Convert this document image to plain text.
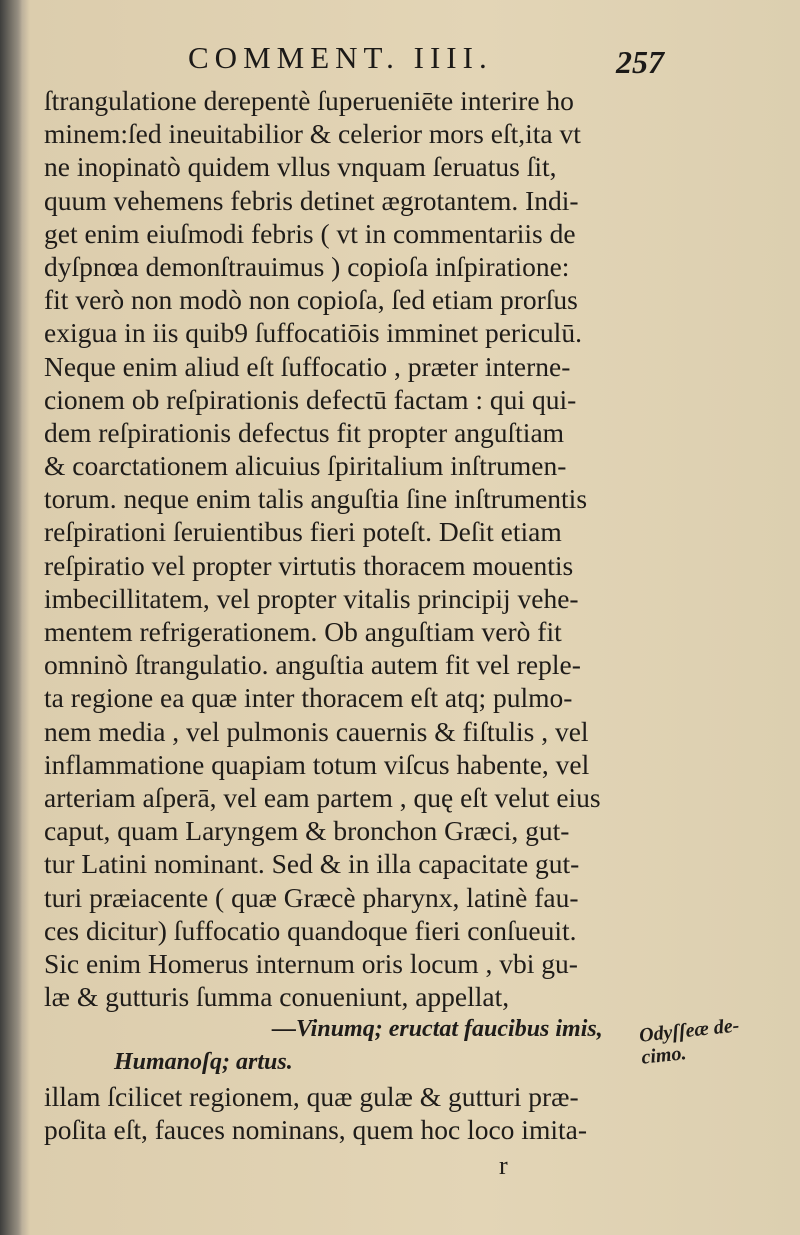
COMMENT. IIII.	257
ſtrangulatione derepentè ſuperueniēte interire ho
minem:ſed ineuitabilior & celerior mors eſt,ita vt
ne inopinatò quidem vllus vnquam ſeruatus ſit,
quum vehemens febris detinet ægrotantem. Indi-
get enim eiuſmodi febris ( vt in commentariis de
dyſpnœa demonſtrauimus ) copioſa inſpiratione:
fit verò non modò non copioſa, ſed etiam prorſus
exigua in iis quib9 ſuffocatiōis imminet periculū.
Neque enim aliud eſt ſuffocatio , præter interne-
cionem ob reſpirationis defectū factam : qui qui-
dem reſpirationis defectus fit propter anguſtiam
& coarctationem alicuius ſpiritalium inſtrumen-
torum. neque enim talis anguſtia ſine inſtrumentis
reſpirationi ſeruientibus fieri poteſt. Deſit etiam
reſpiratio vel propter virtutis thoracem mouentis
imbecillitatem, vel propter vitalis principij vehe-
mentem refrigerationem. Ob anguſtiam verò fit
omninò ſtrangulatio. anguſtia autem fit vel reple-
ta regione ea quæ inter thoracem eſt atq; pulmo-
nem media , vel pulmonis cauernis & fiſtulis , vel
inflammatione quapiam totum viſcus habente, vel
arteriam aſperā, vel eam partem , quę eſt velut eius
caput, quam Laryngem & bronchon Græci, gut-
tur Latini nominant. Sed & in illa capacitate gut-
turi præiacente ( quæ Græcè pharynx, latinè fau-
ces dicitur) ſuffocatio quandoque fieri conſueuit.
Sic enim Homerus internum oris locum , vbi gu-
læ & gutturis ſumma conueniunt, appellat,
—Vinumq; eructat faucibus imis,
Humanoſq; artus.
illam ſcilicet regionem, quæ gulæ & gutturi præ-
poſita eſt, fauces nominans, quem hoc loco imita-
r
Odyſſeæ de-
cimo.
